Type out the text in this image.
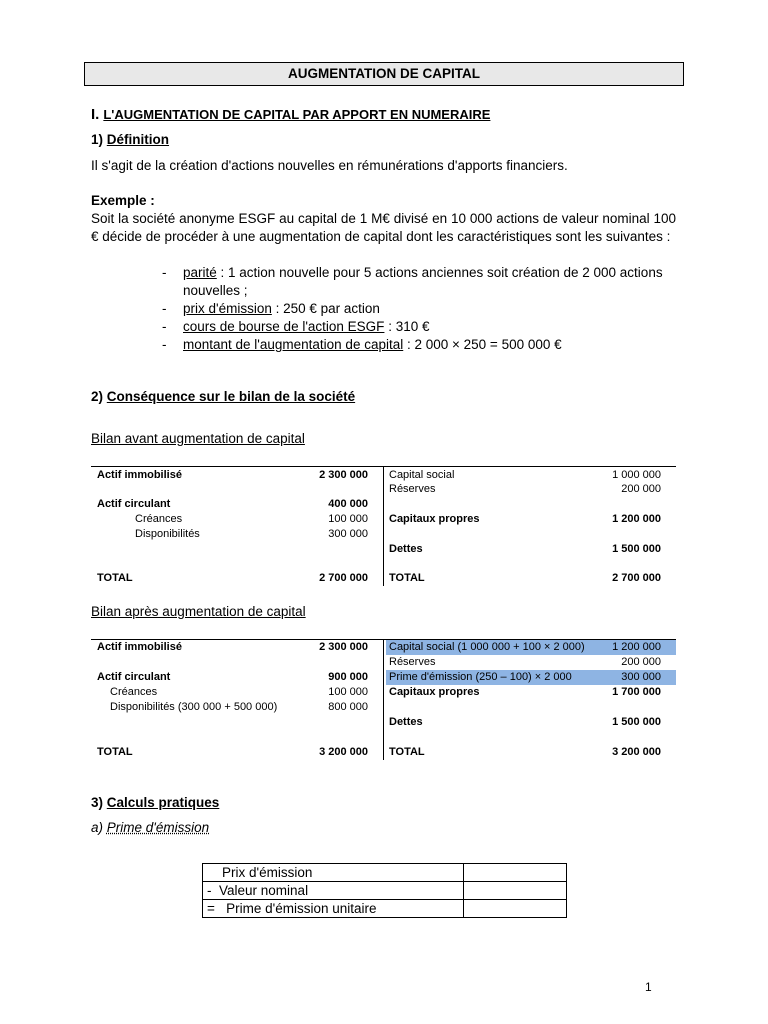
AUGMENTATION DE CAPITAL
I. L'AUGMENTATION DE CAPITAL PAR APPORT EN NUMERAIRE
1) Définition
Il s'agit de la création d'actions nouvelles en rémunérations d'apports financiers.
Exemple :
Soit la société anonyme ESGF au capital de 1 M€ divisé en 10 000 actions de valeur nominal 100 € décide de procéder à une augmentation de capital dont les caractéristiques sont les suivantes :
- parité : 1 action nouvelle pour 5 actions anciennes soit création de 2 000 actions nouvelles ;
- prix d'émission : 250 € par action
- cours de bourse de l'action ESGF : 310 €
- montant de l'augmentation de capital : 2 000 × 250 = 500 000 €
2) Conséquence sur le bilan de la société
Bilan avant augmentation de capital
Actif immobilisé	2 300 000
Actif circulant	400 000
Créances	100 000
Disponibilités	300 000
TOTAL	2 700 000
Capital social	1 000 000
Réserves	200 000
Capitaux propres	1 200 000
Dettes	1 500 000
TOTAL	2 700 000
Bilan après augmentation de capital
Actif immobilisé	2 300 000
Actif circulant	900 000
Créances	100 000
Disponibilités (300 000 + 500 000)	800 000
TOTAL	3 200 000
Capital social (1 000 000 + 100 × 2 000) 1 200 000
Réserves	200 000
Prime d'émission (250 – 100) × 2 000	300 000
Capitaux propres	1 700 000
Dettes	1 500 000
TOTAL	3 200 000
3) Calculs pratiques
a) Prime d'émission
Prix d'émission	
- Valeur nominal	
= Prime d'émission unitaire	
1
